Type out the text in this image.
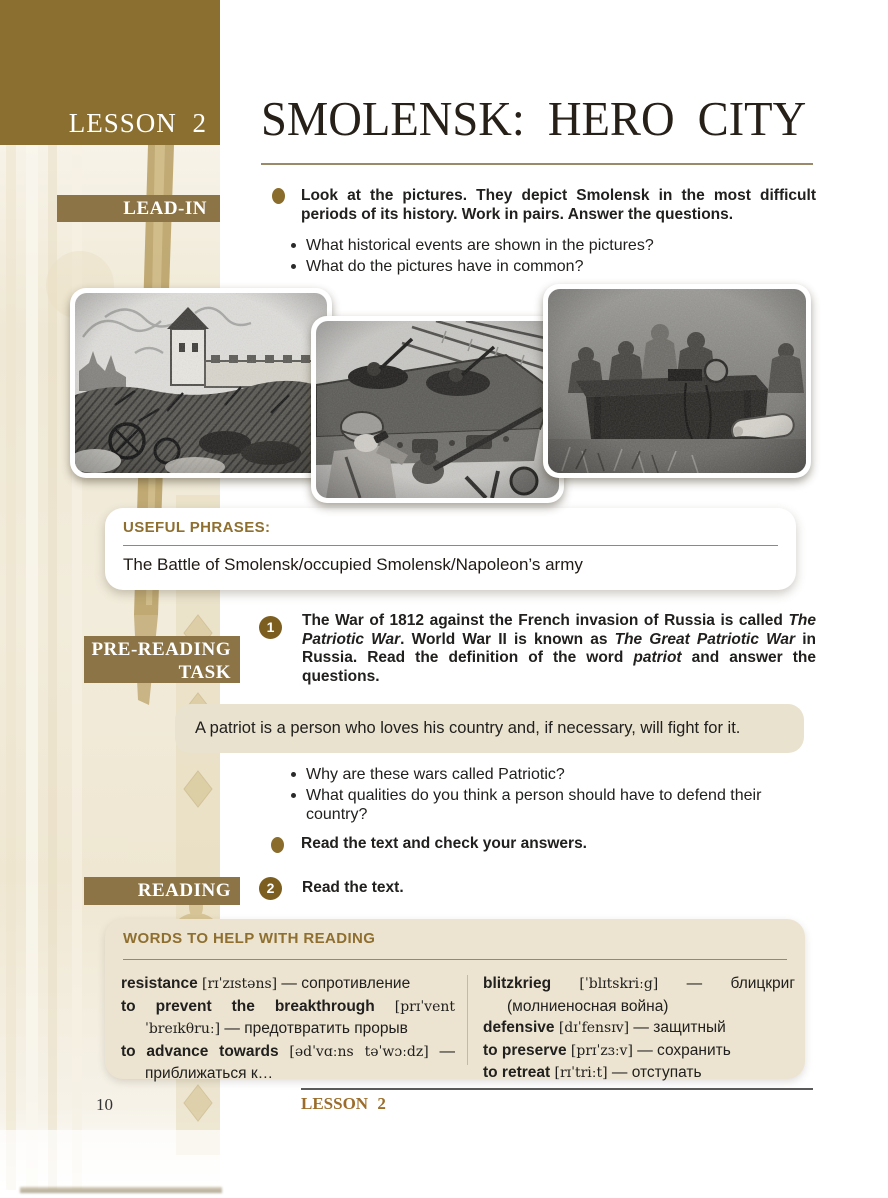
LESSON 2 SMOLENSK: HERO CITY
LEAD-IN

Look at the pictures. They depict Smolensk in the most difficult periods of its history. Work in pairs. Answer the questions.

What historical events are shown in the pictures?
What do the pictures have in common?
USEFUL PHRASES:
The Battle of Smolensk/occupied Smolensk/Napoleon’s army
PRE-READING
TASK
1	The War of 1812 against the French invasion of Russia is called The Patriotic War. World War II is known as The Great Patriotic War in Russia. Read the definition of the word patriot and answer the questions.

A patriot is a person who loves his country and, if necessary, will fight for it.
Why are these wars called Patriotic?
What qualities do you think a person should have to defend their country?

Read the text and check your answers.

READING	2	Read the text.

WORDS TO HELP WITH READING

resistance [rɪˈzɪstəns] — сопротивление

to prevent the breakthrough [prɪˈvent ˈbreɪkθruː] — предотвратить прорыв

to advance towards [ədˈvɑːns təˈwɔːdz] — приближаться к…

blitzkrieg [ˈblɪtskriːg] — блицкриг (молниеносная война)

defensive [dɪˈfensɪv] — защитный

to preserve [prɪˈzɜːv] — сохранить

to retreat [rɪˈtriːt] — отступать

10	LESSON 2
